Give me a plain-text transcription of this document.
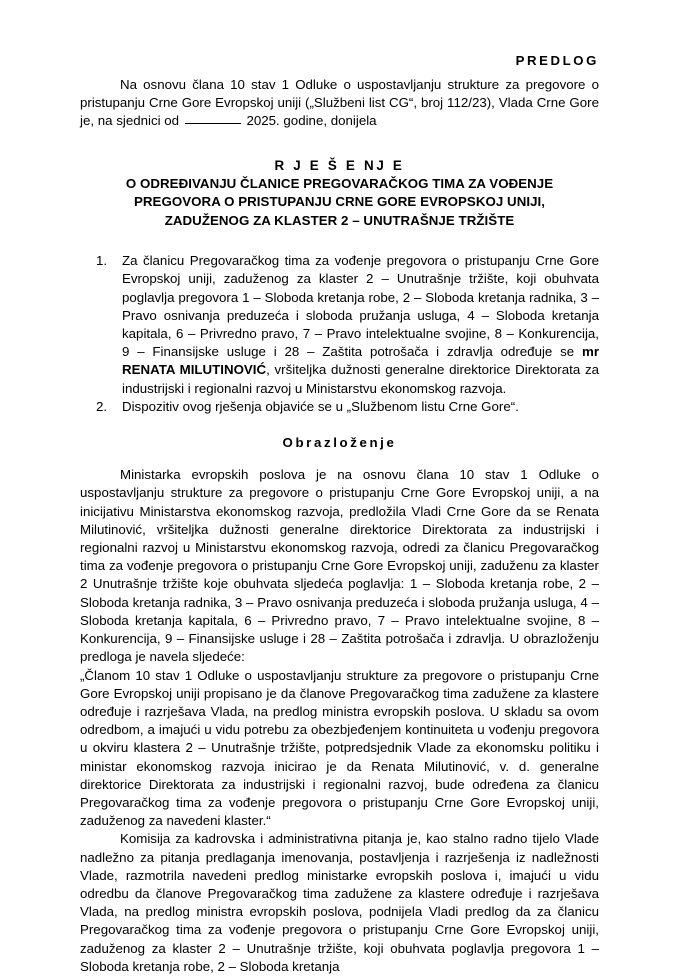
PREDLOG

Na osnovu člana 10 stav 1 Odluke o uspostavljanju strukture za pregovore o pristupanju Crne Gore Evropskoj uniji („Službeni list CG“, broj 112/23), Vlada Crne Gore je, na sjednici od	2025. godine, donijela

R J E Š E NJ E
O ODREĐIVANJU ČLANICE PREGOVARAČKOG TIMA ZA VOĐENJE
PREGOVORA O PRISTUPANJU CRNE GORE EVROPSKOJ UNIJI,
ZADUŽENOG ZA KLASTER 2 – UNUTRAŠNJE TRŽIŠTE
1.	Za članicu Pregovaračkog tima za vođenje pregovora o pristupanju Crne Gore Evropskoj uniji, zaduženog za klaster 2 – Unutrašnje tržište, koji obuhvata poglavlja pregovora 1 – Sloboda kretanja robe, 2 – Sloboda kretanja radnika, 3 – Pravo osnivanja preduzeća i sloboda pružanja usluga, 4 – Sloboda kretanja kapitala, 6 – Privredno pravo, 7 – Pravo intelektualne svojine, 8 – Konkurencija, 9 – Finansijske usluge i 28 – Zaštita potrošača i zdravlja određuje se mr RENATA MILUTINOVIĆ, vršiteljka dužnosti generalne direktorice Direktorata za industrijski i regionalni razvoj u Ministarstvu ekonomskog razvoja.
2.	Dispozitiv ovog rješenja objaviće se u „Službenom listu Crne Gore“.
Obrazloženje

Ministarka evropskih poslova je na osnovu člana 10 stav 1 Odluke o uspostavljanju strukture za pregovore o pristupanju Crne Gore Evropskoj uniji, a na inicijativu Ministarstva ekonomskog razvoja, predložila Vladi Crne Gore da se Renata Milutinović, vršiteljka dužnosti generalne direktorice Direktorata za industrijski i regionalni razvoj u Ministarstvu ekonomskog razvoja, odredi za članicu Pregovaračkog tima za vođenje pregovora o pristupanju Crne Gore Evropskoj uniji, zaduženu za klaster 2 Unutrašnje tržište koje obuhvata sljedeća poglavlja: 1 – Sloboda kretanja robe, 2 – Sloboda kretanja radnika, 3 – Pravo osnivanja preduzeća i sloboda pružanja usluga, 4 – Sloboda kretanja kapitala, 6 – Privredno pravo, 7 – Pravo intelektualne svojine, 8 – Konkurencija, 9 – Finansijske usluge i 28 – Zaštita potrošača i zdravlja. U obrazloženju predloga je navela sljedeće:

„Članom 10 stav 1 Odluke o uspostavljanju strukture za pregovore o pristupanju Crne Gore Evropskoj uniji propisano je da članove Pregovaračkog tima zadužene za klastere određuje i razrješava Vlada, na predlog ministra evropskih poslova. U skladu sa ovom odredbom, a imajući u vidu potrebu za obezbjeđenjem kontinuiteta u vođenju pregovora u okviru klastera 2 – Unutrašnje tržište, potpredsjednik Vlade za ekonomsku politiku i ministar ekonomskog razvoja inicirao je da Renata Milutinović, v. d. generalne direktorice Direktorata za industrijski i regionalni razvoj, bude određena za članicu Pregovaračkog tima za vođenje pregovora o pristupanju Crne Gore Evropskoj uniji, zaduženog za navedeni klaster.“

Komisija za kadrovska i administrativna pitanja je, kao stalno radno tijelo Vlade nadležno za pitanja predlaganja imenovanja, postavljenja i razrješenja iz nadležnosti Vlade, razmotrila navedeni predlog ministarke evropskih poslova i, imajući u vidu odredbu da članove Pregovaračkog tima zadužene za klastere određuje i razrješava Vlada, na predlog ministra evropskih poslova, podnijela Vladi predlog da za članicu Pregovaračkog tima za vođenje pregovora o pristupanju Crne Gore Evropskoj uniji, zaduženog za klaster 2 – Unutrašnje tržište, koji obuhvata poglavlja pregovora 1 – Sloboda kretanja robe, 2 – Sloboda kretanja
